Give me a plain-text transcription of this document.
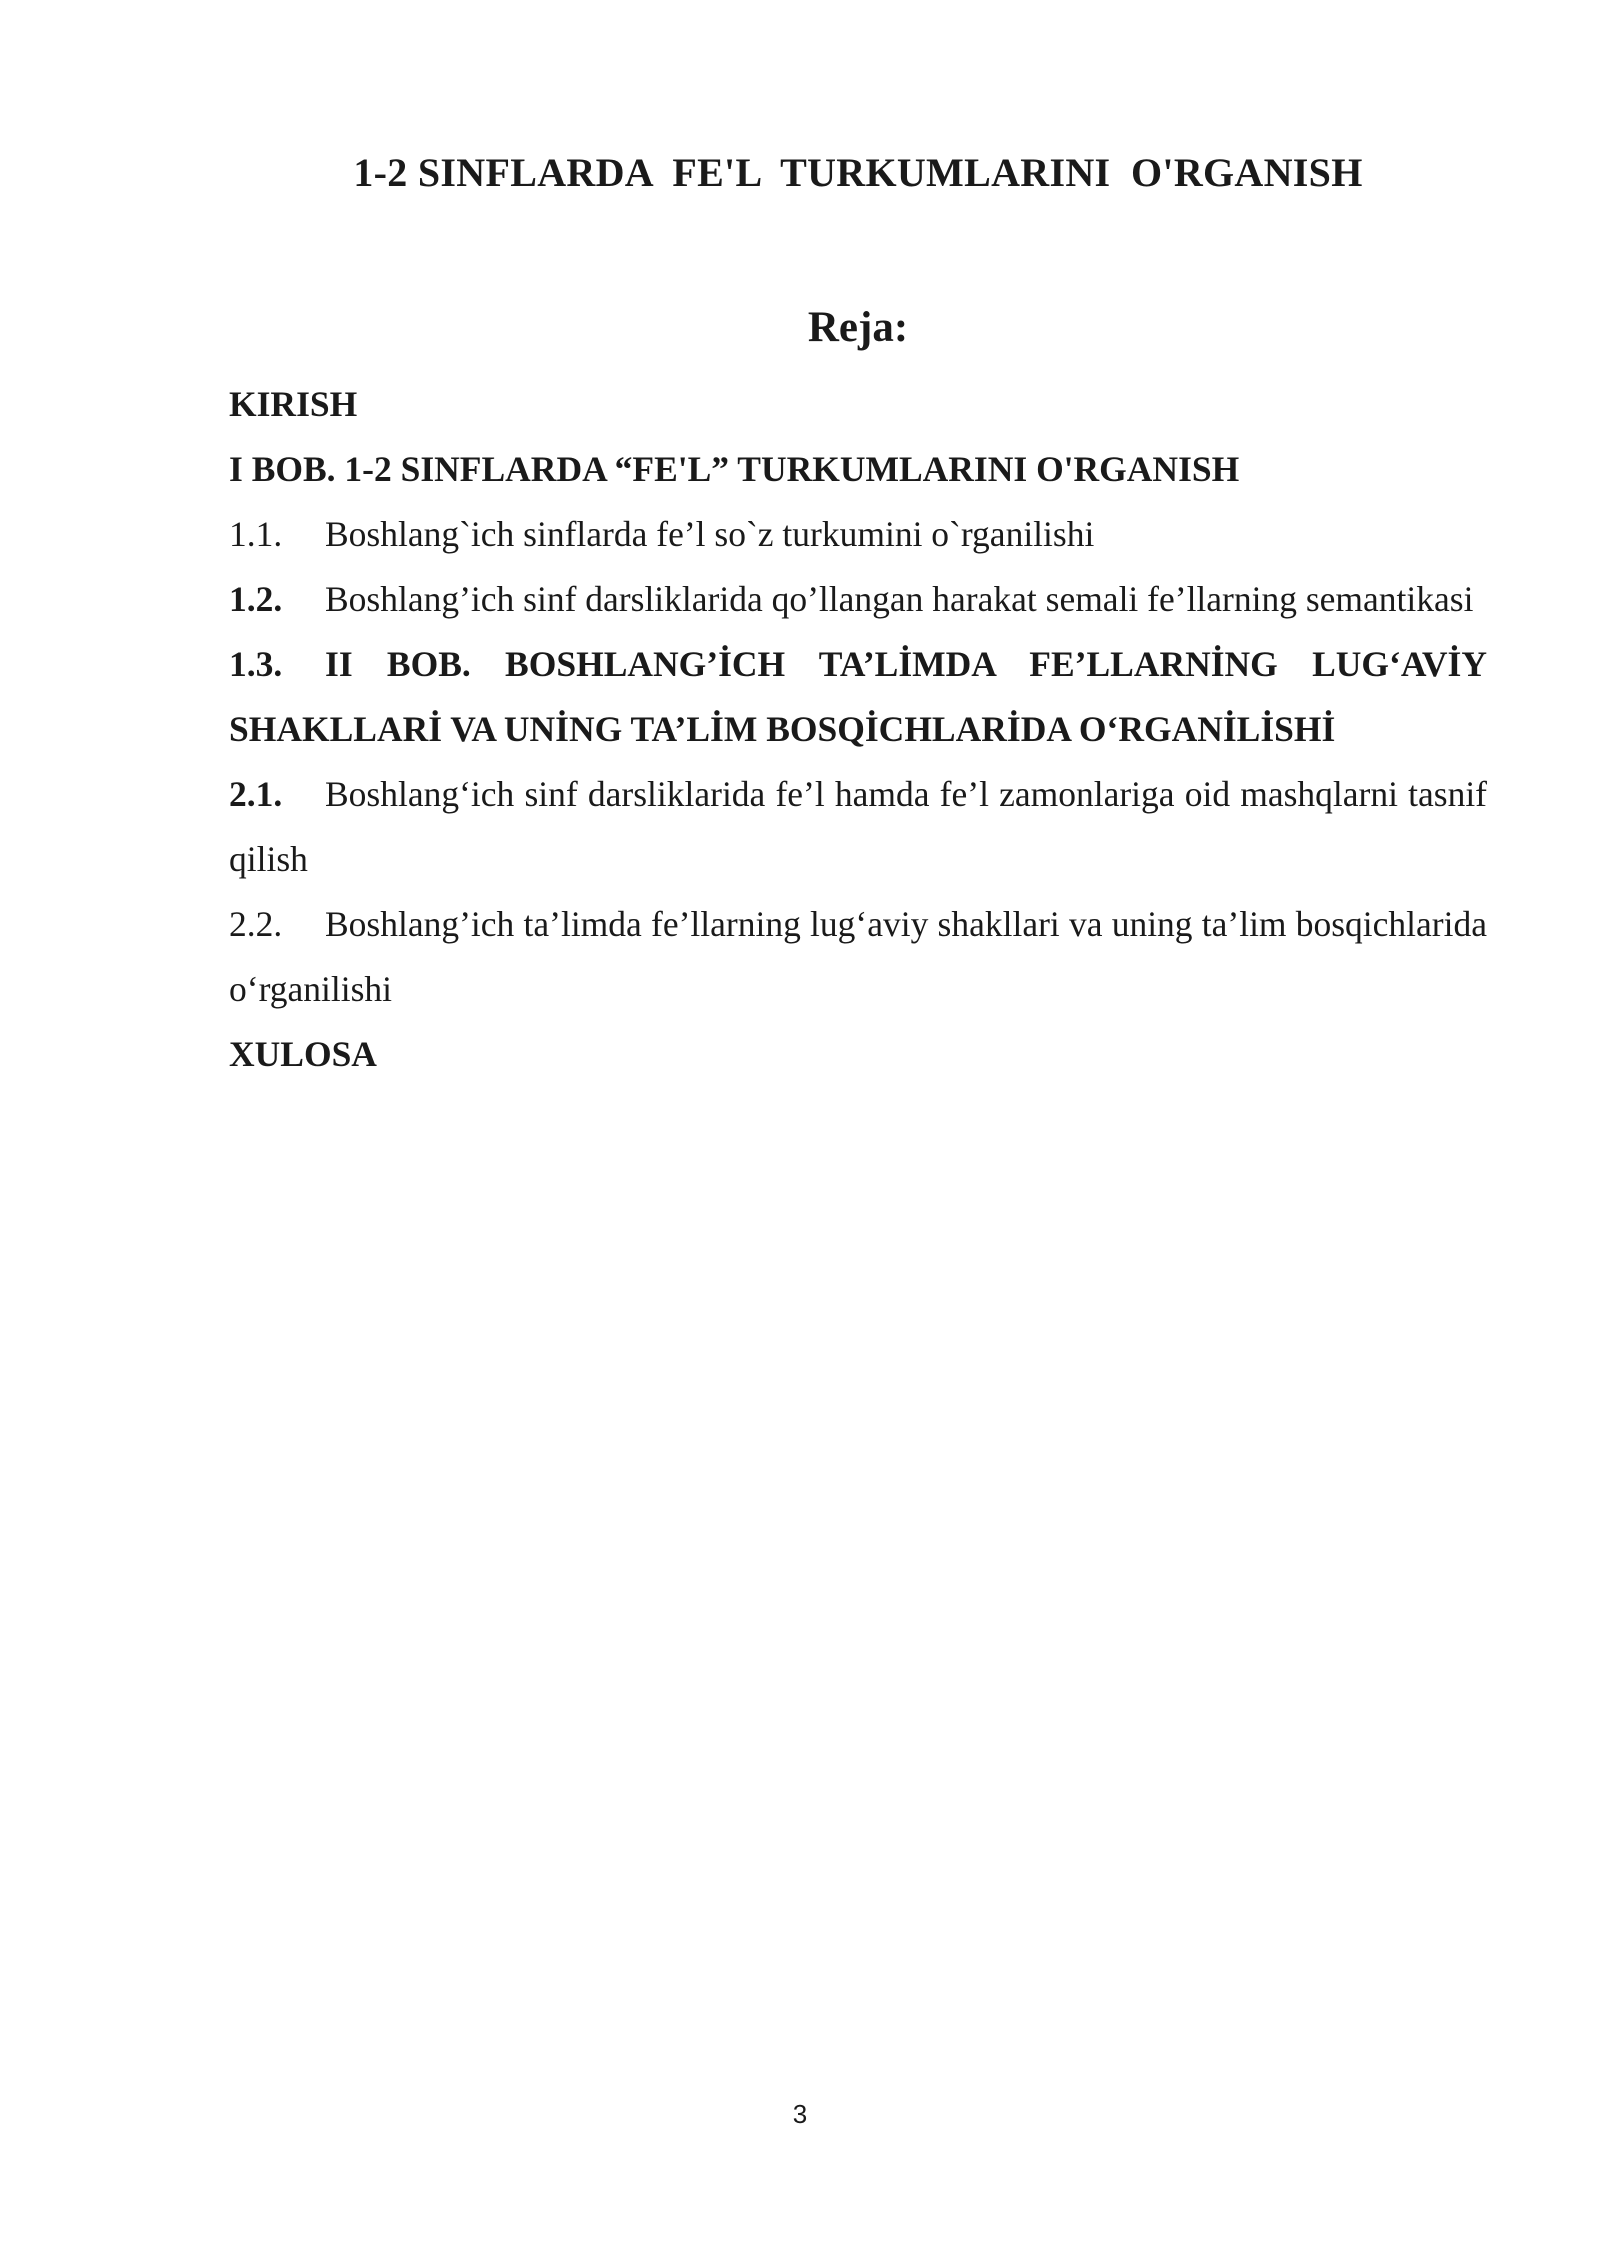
1-2 SINFLARDA  FE'L  TURKUMLARINI  O'RGANISH
Reja:

KIRISH

I BOB. 1-2 SINFLARDA “FE'L” TURKUMLARINI O'RGANISH

1.1. Boshlang`ich sinflarda fe’l so`z turkumini o`rganilishi

1.2. Boshlang’ich sinf darsliklarida qo’llangan harakat semali fe’llarning semantikasi

1.3. II BOB. BOSHLANG’İCH TA’LİMDA FE’LLARNİNG LUG‘AVİY SHAKLLARİ VA UNİNG TA’LİM BOSQİCHLARİDA O‘RGANİLİSHİ

2.1. Boshlang‘ich sinf darsliklarida fe’l hamda fe’l zamonlariga oid mashqlarni tasnif qilish

2.2. Boshlang’ich ta’limda fe’llarning lug‘aviy shakllari va uning ta’lim bosqichlarida o‘rganilishi

XULOSA

3
